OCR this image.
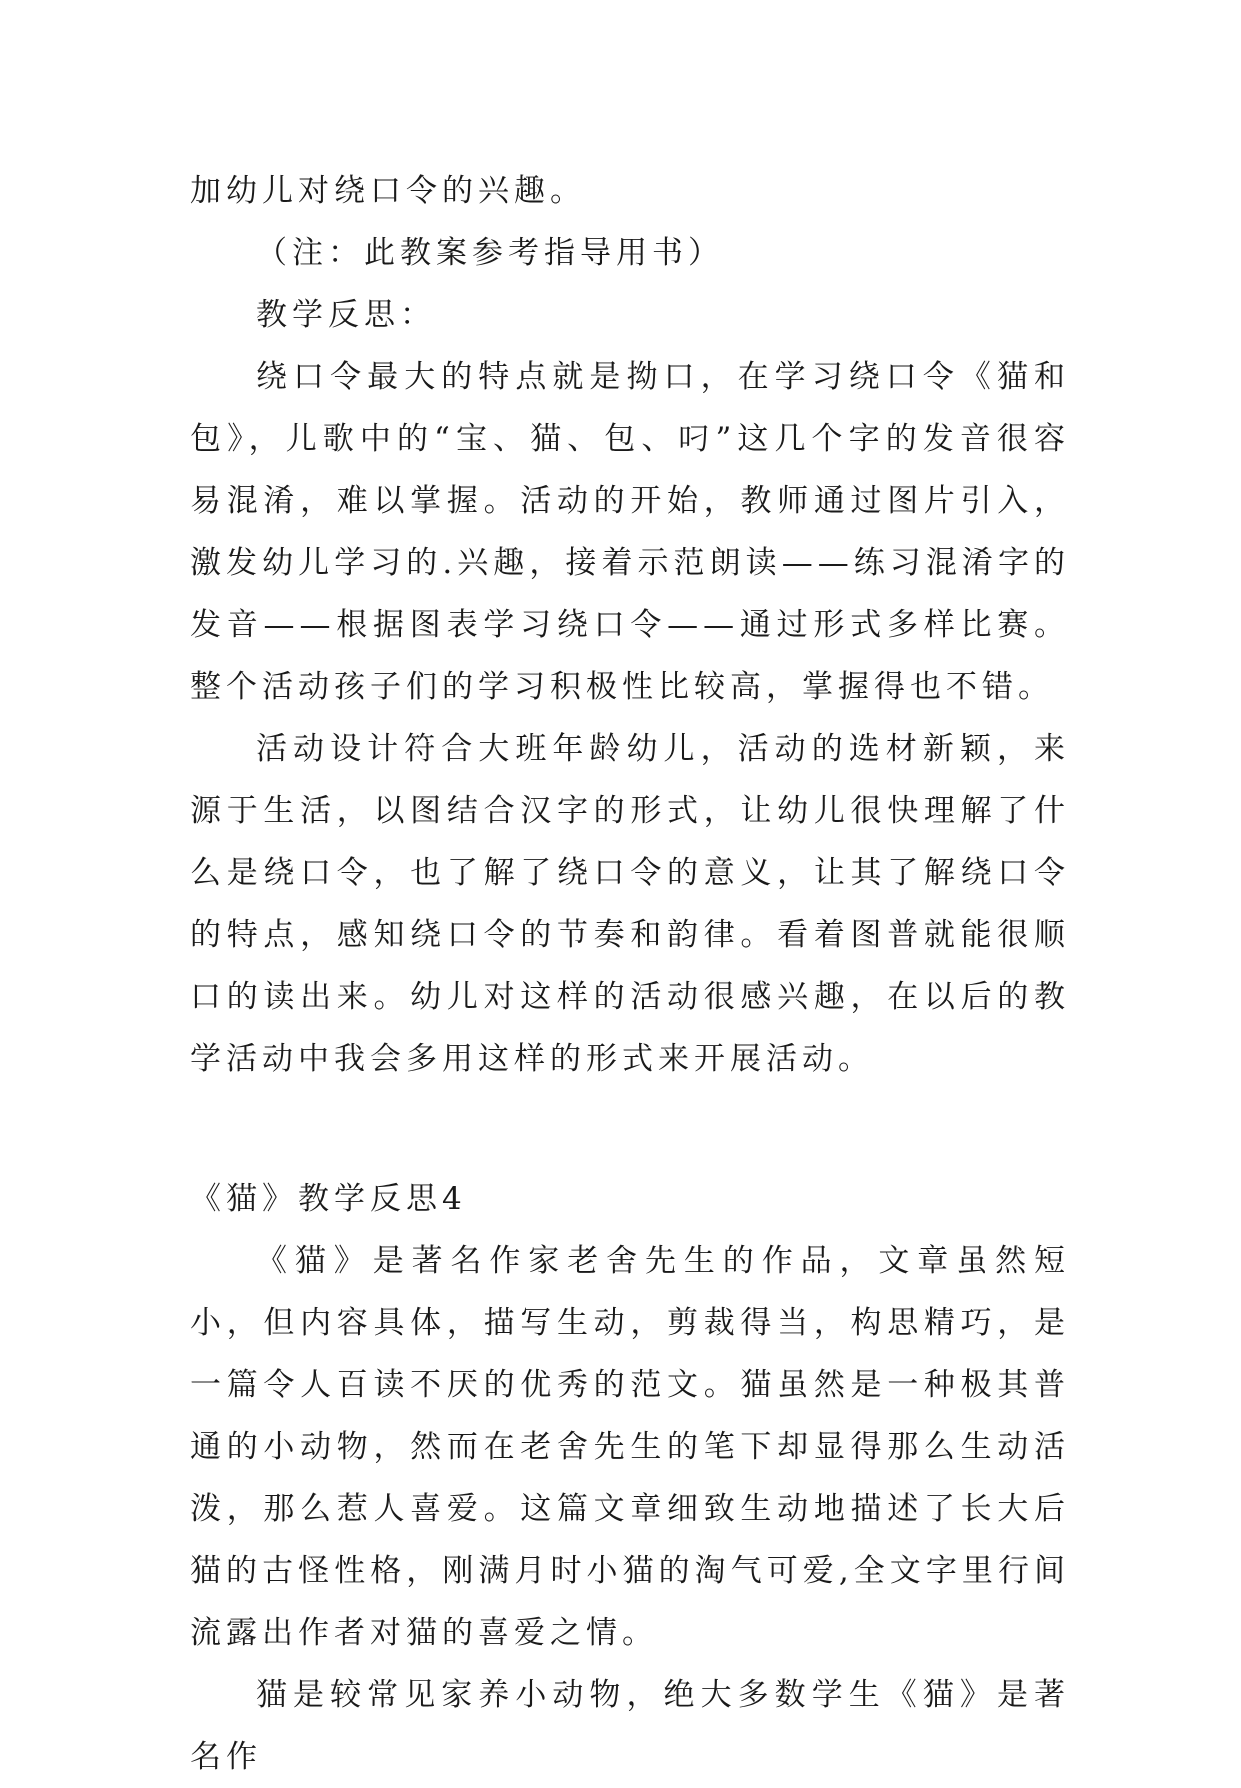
加幼儿对绕口令的兴趣。

（注：此教案参考指导用书）

教学反思：

绕口令最大的特点就是拗口，在学习绕口令《猫和包》，儿歌中的“宝、猫、包、叼”这几个字的发音很容易混淆，难以掌握。活动的开始，教师通过图片引入，激发幼儿学习的.兴趣，接着示范朗读——练习混淆字的发音——根据图表学习绕口令——通过形式多样比赛。整个活动孩子们的学习积极性比较高，掌握得也不错。

活动设计符合大班年龄幼儿，活动的选材新颖，来源于生活，以图结合汉字的形式，让幼儿很快理解了什么是绕口令，也了解了绕口令的意义，让其了解绕口令的特点，感知绕口令的节奏和韵律。看着图普就能很顺口的读出来。幼儿对这样的活动很感兴趣，在以后的教学活动中我会多用这样的形式来开展活动。

《猫》教学反思4

《猫》是著名作家老舍先生的作品，文章虽然短小，但内容具体，描写生动，剪裁得当，构思精巧，是一篇令人百读不厌的优秀的范文。猫虽然是一种极其普通的小动物，然而在老舍先生的笔下却显得那么生动活泼，那么惹人喜爱。这篇文章细致生动地描述了长大后猫的古怪性格，刚满月时小猫的淘气可爱,全文字里行间流露出作者对猫的喜爱之情。

猫是较常见家养小动物，绝大多数学生《猫》是著名作
